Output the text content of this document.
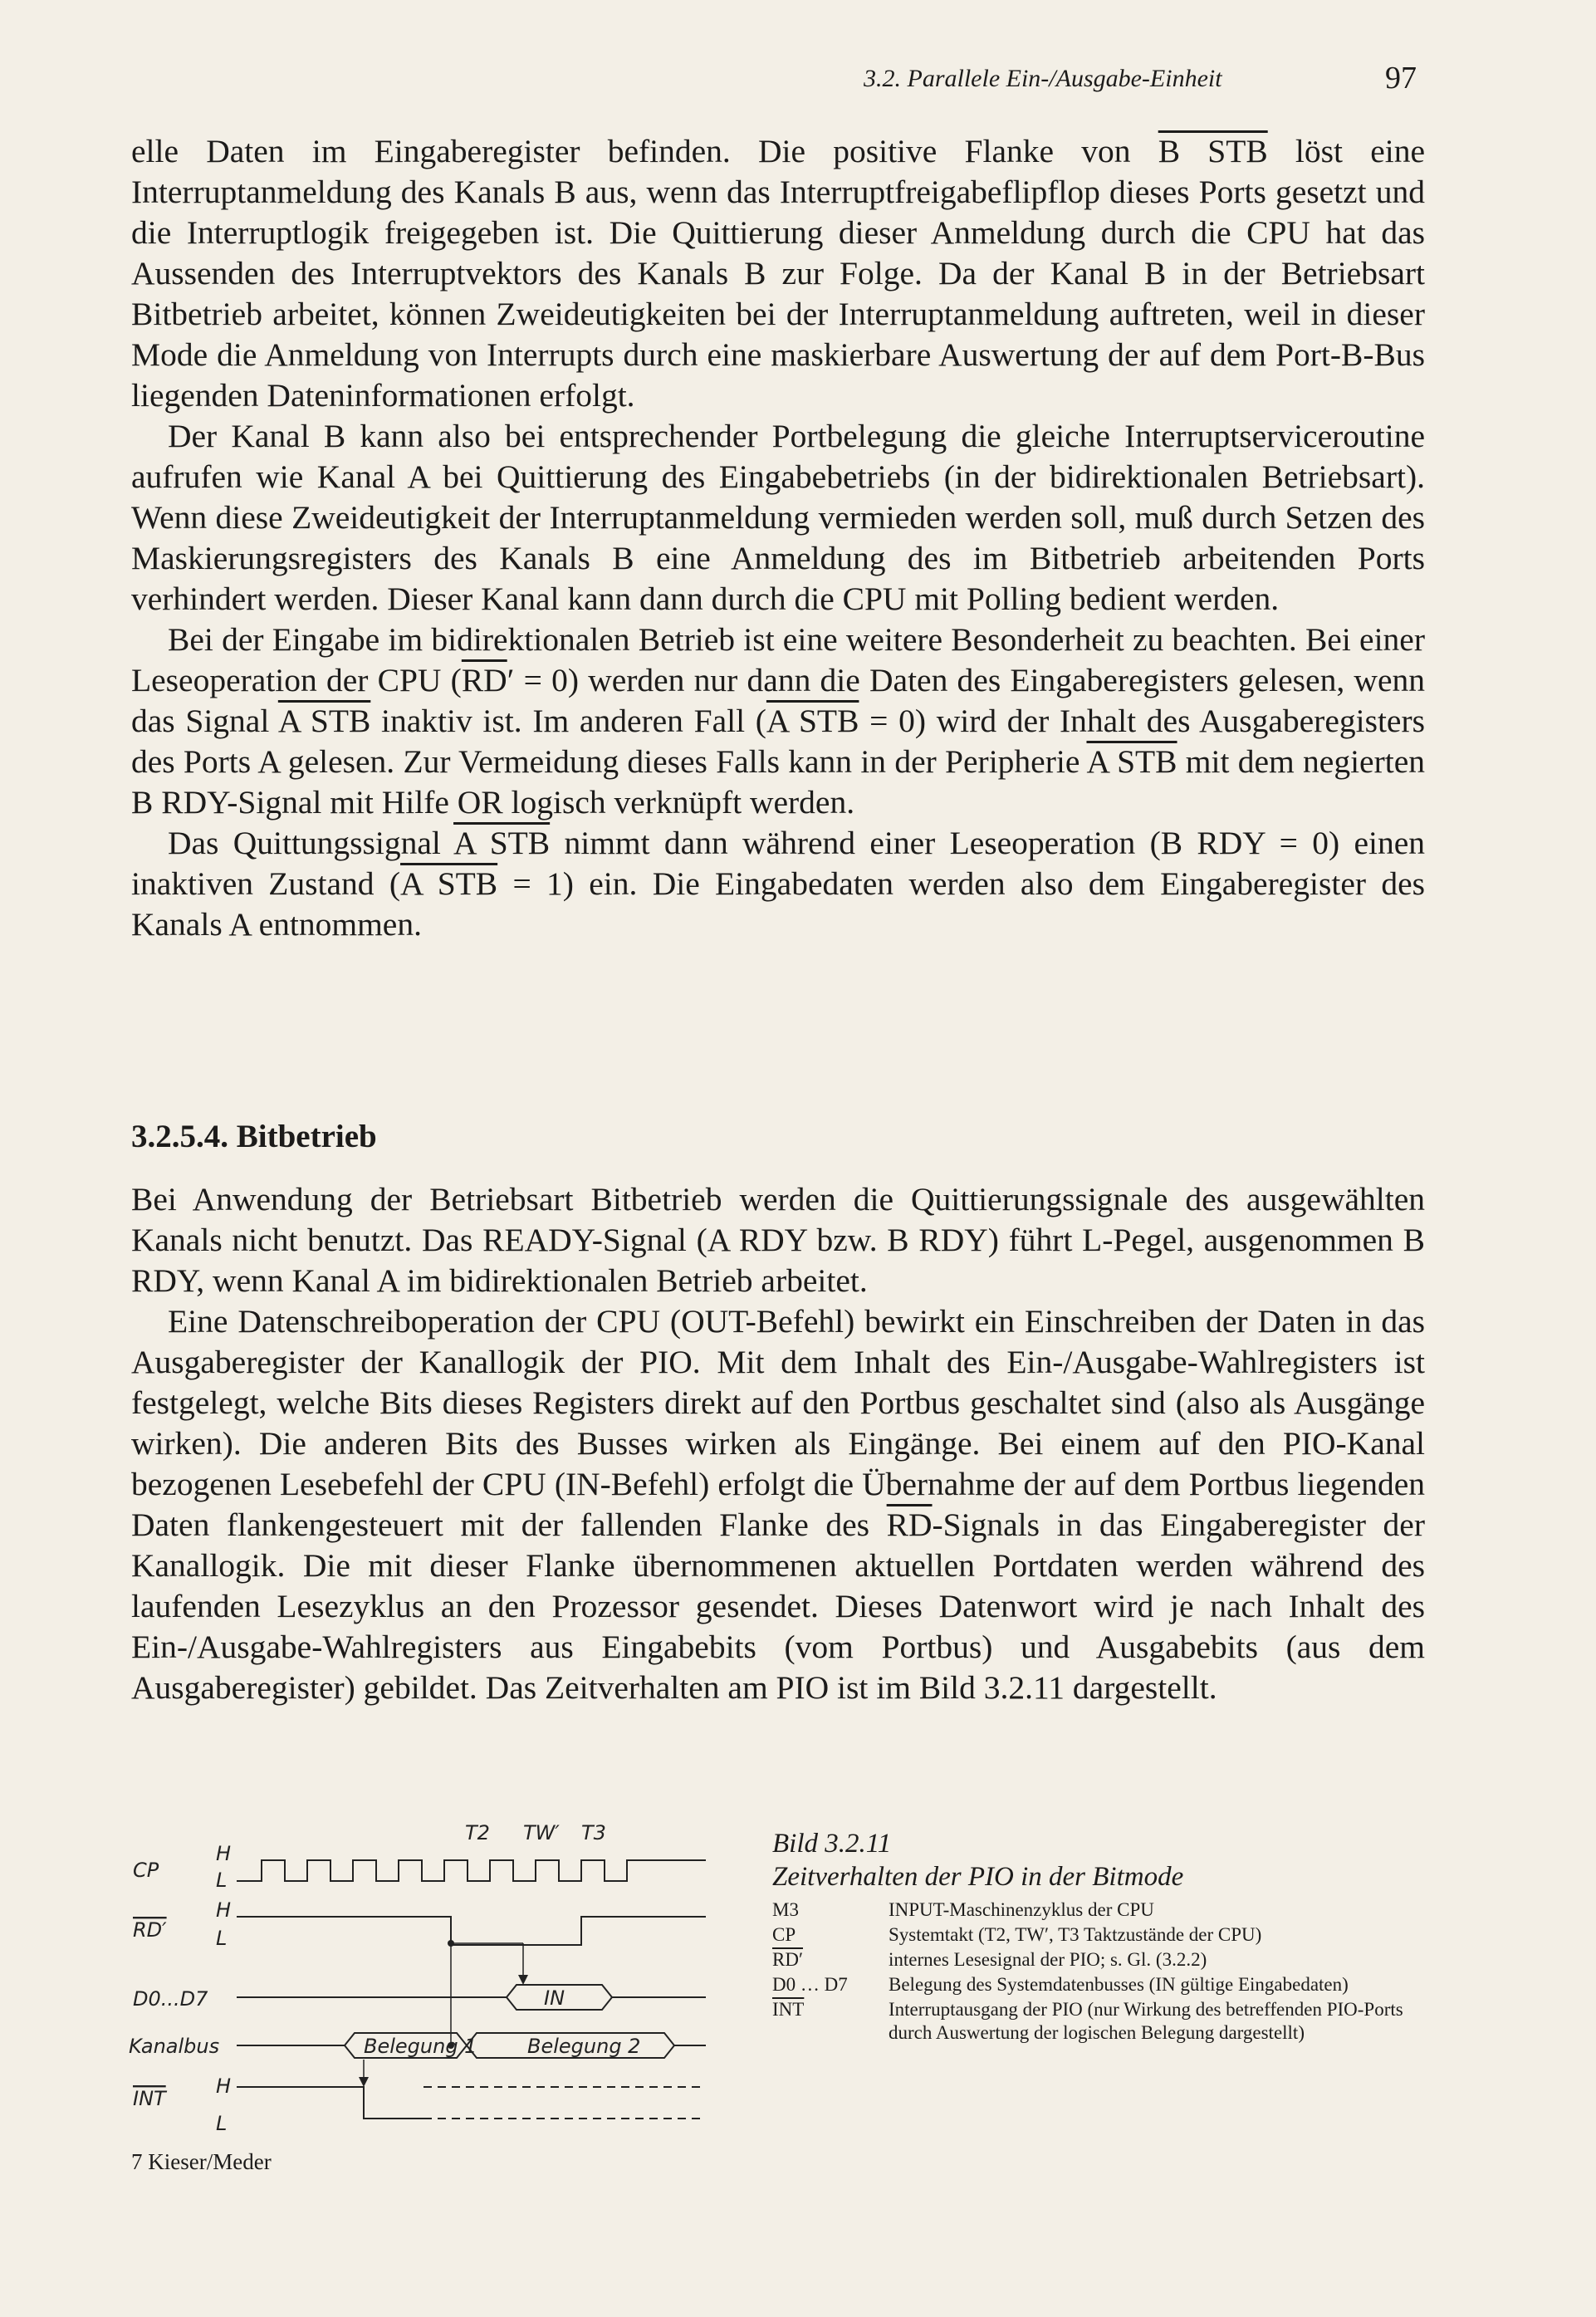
3.2. Parallele Ein-/Ausgabe-Einheit	97

elle Daten im Eingaberegister befinden. Die positive Flanke von B STB löst eine Interruptanmeldung des Kanals B aus, wenn das Interruptfreigabeflipflop dieses Ports gesetzt und die Interruptlogik freigegeben ist. Die Quittierung dieser Anmeldung durch die CPU hat das Aussenden des Interruptvektors des Kanals B zur Folge. Da der Kanal B in der Betriebsart Bitbetrieb arbeitet, können Zweideutigkeiten bei der Interruptanmeldung auftreten, weil in dieser Mode die Anmeldung von Interrupts durch eine maskierbare Auswertung der auf dem Port-B-Bus liegenden Dateninformationen erfolgt.

Der Kanal B kann also bei entsprechender Portbelegung die gleiche Interruptserviceroutine aufrufen wie Kanal A bei Quittierung des Eingabebetriebs (in der bidirektionalen Betriebsart). Wenn diese Zweideutigkeit der Interruptanmeldung vermieden werden soll, muß durch Setzen des Maskierungsregisters des Kanals B eine Anmeldung des im Bitbetrieb arbeitenden Ports verhindert werden. Dieser Kanal kann dann durch die CPU mit Polling bedient werden.

Bei der Eingabe im bidirektionalen Betrieb ist eine weitere Besonderheit zu beachten. Bei einer Leseoperation der CPU $(\overline{RD}' = 0)$ werden nur dann die Daten des Eingaberegisters gelesen, wenn das Signal A STB inaktiv ist. Im anderen Fall (A STB = 0) wird der Inhalt des Ausgaberegisters des Ports A gelesen. Zur Vermeidung dieses Falls kann in der Peripherie A STB mit dem negierten B RDY-Signal mit Hilfe OR logisch verknüpft werden.

Das Quittungssignal A STB nimmt dann während einer Leseoperation (B RDY = 0) einen inaktiven Zustand (A STB = 1) ein. Die Eingabedaten werden also dem Eingaberegister des Kanals A entnommen.

3.2.5.4. Bitbetrieb

Bei Anwendung der Betriebsart Bitbetrieb werden die Quittierungssignale des ausgewählten Kanals nicht benutzt. Das READY-Signal (A RDY bzw. B RDY) führt L-Pegel, ausgenommen B RDY, wenn Kanal A im bidirektionalen Betrieb arbeitet.

Eine Datenschreiboperation der CPU (OUT-Befehl) bewirkt ein Einschreiben der Daten in das Ausgaberegister der Kanallogik der PIO. Mit dem Inhalt des Ein-/Ausgabe-Wahlregisters ist festgelegt, welche Bits dieses Registers direkt auf den Portbus geschaltet sind (also als Ausgänge wirken). Die anderen Bits des Busses wirken als Eingänge. Bei einem auf den PIO-Kanal bezogenen Lesebefehl der CPU (IN-Befehl) erfolgt die Übernahme der auf dem Portbus liegenden Daten flankengesteuert mit der fallenden Flanke des $\overline{RD}$-Signals in das Eingaberegister der Kanallogik. Die mit dieser Flanke übernommenen aktuellen Portdaten werden während des laufenden Lesezyklus an den Prozessor gesendet. Dieses Datenwort wird je nach Inhalt des Ein-/Ausgabe-Wahlregisters aus Eingabebits (vom Portbus) und Ausgabebits (aus dem Ausgaberegister) gebildet. Das Zeitverhalten am PIO ist im Bild 3.2.11 dargestellt.

T2 TW′ T3
CP
H
L
RD′
H
L
D0...D7	IN
Kanalbus	Belegung 1	Belegung 2
INT
H
L
Bild 3.2.11
Zeitverhalten der PIO in der Bitmode
M3	INPUT-Maschinenzyklus der CPU
CP	Systemtakt (T2, TW′, T3 Taktzustände der CPU)
RD′	internes Lesesignal der PIO; s. Gl. (3.2.2)
D0 … D7	Belegung des Systemdatenbusses (IN gültige Eingabedaten)
$\overline{INT}$	Interruptausgang der PIO (nur Wirkung des betreffenden PIO-Ports durch Auswertung der logischen Belegung dargestellt)
7 Kieser/Meder
